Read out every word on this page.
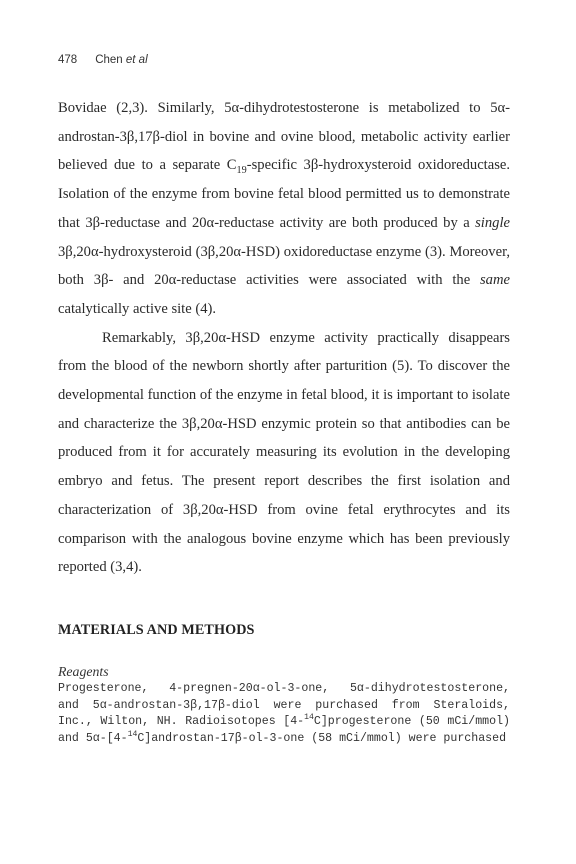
478 Chen et al

Bovidae (2,3). Similarly, 5α-dihydrotestosterone is metabolized to 5α-androstan-3β,17β-diol in bovine and ovine blood, metabolic activity earlier believed due to a separate $C_{19}$-specific 3β-hydroxysteroid oxidoreductase. Isolation of the enzyme from bovine fetal blood permitted us to demonstrate that 3β-reductase and 20α-reductase activity are both produced by a single 3β,20α-hydroxysteroid (3β,20α-HSD) oxidoreductase enzyme (3). Moreover, both 3β- and 20α-reductase activities were associated with the same catalytically active site (4).

Remarkably, 3β,20α-HSD enzyme activity practically disappears from the blood of the newborn shortly after parturition (5). To discover the developmental function of the enzyme in fetal blood, it is important to isolate and characterize the 3β,20α-HSD enzymic protein so that antibodies can be produced from it for accurately measuring its evolution in the developing embryo and fetus. The present report describes the first isolation and characterization of 3β,20α-HSD from ovine fetal erythrocytes and its comparison with the analogous bovine enzyme which has been previously reported (3,4).

MATERIALS AND METHODS
Reagents

Progesterone, 4-pregnen-20α-ol-3-one, 5α-dihydrotestosterone, and 5α-androstan-3β,17β-diol were purchased from Steraloids, Inc., Wilton, NH. Radioisotopes [4-$^{14}$C]progesterone (50 mCi/mmol) and 5α-[4-$^{14}$C]androstan-17β-ol-3-one (58 mCi/mmol) were purchased
